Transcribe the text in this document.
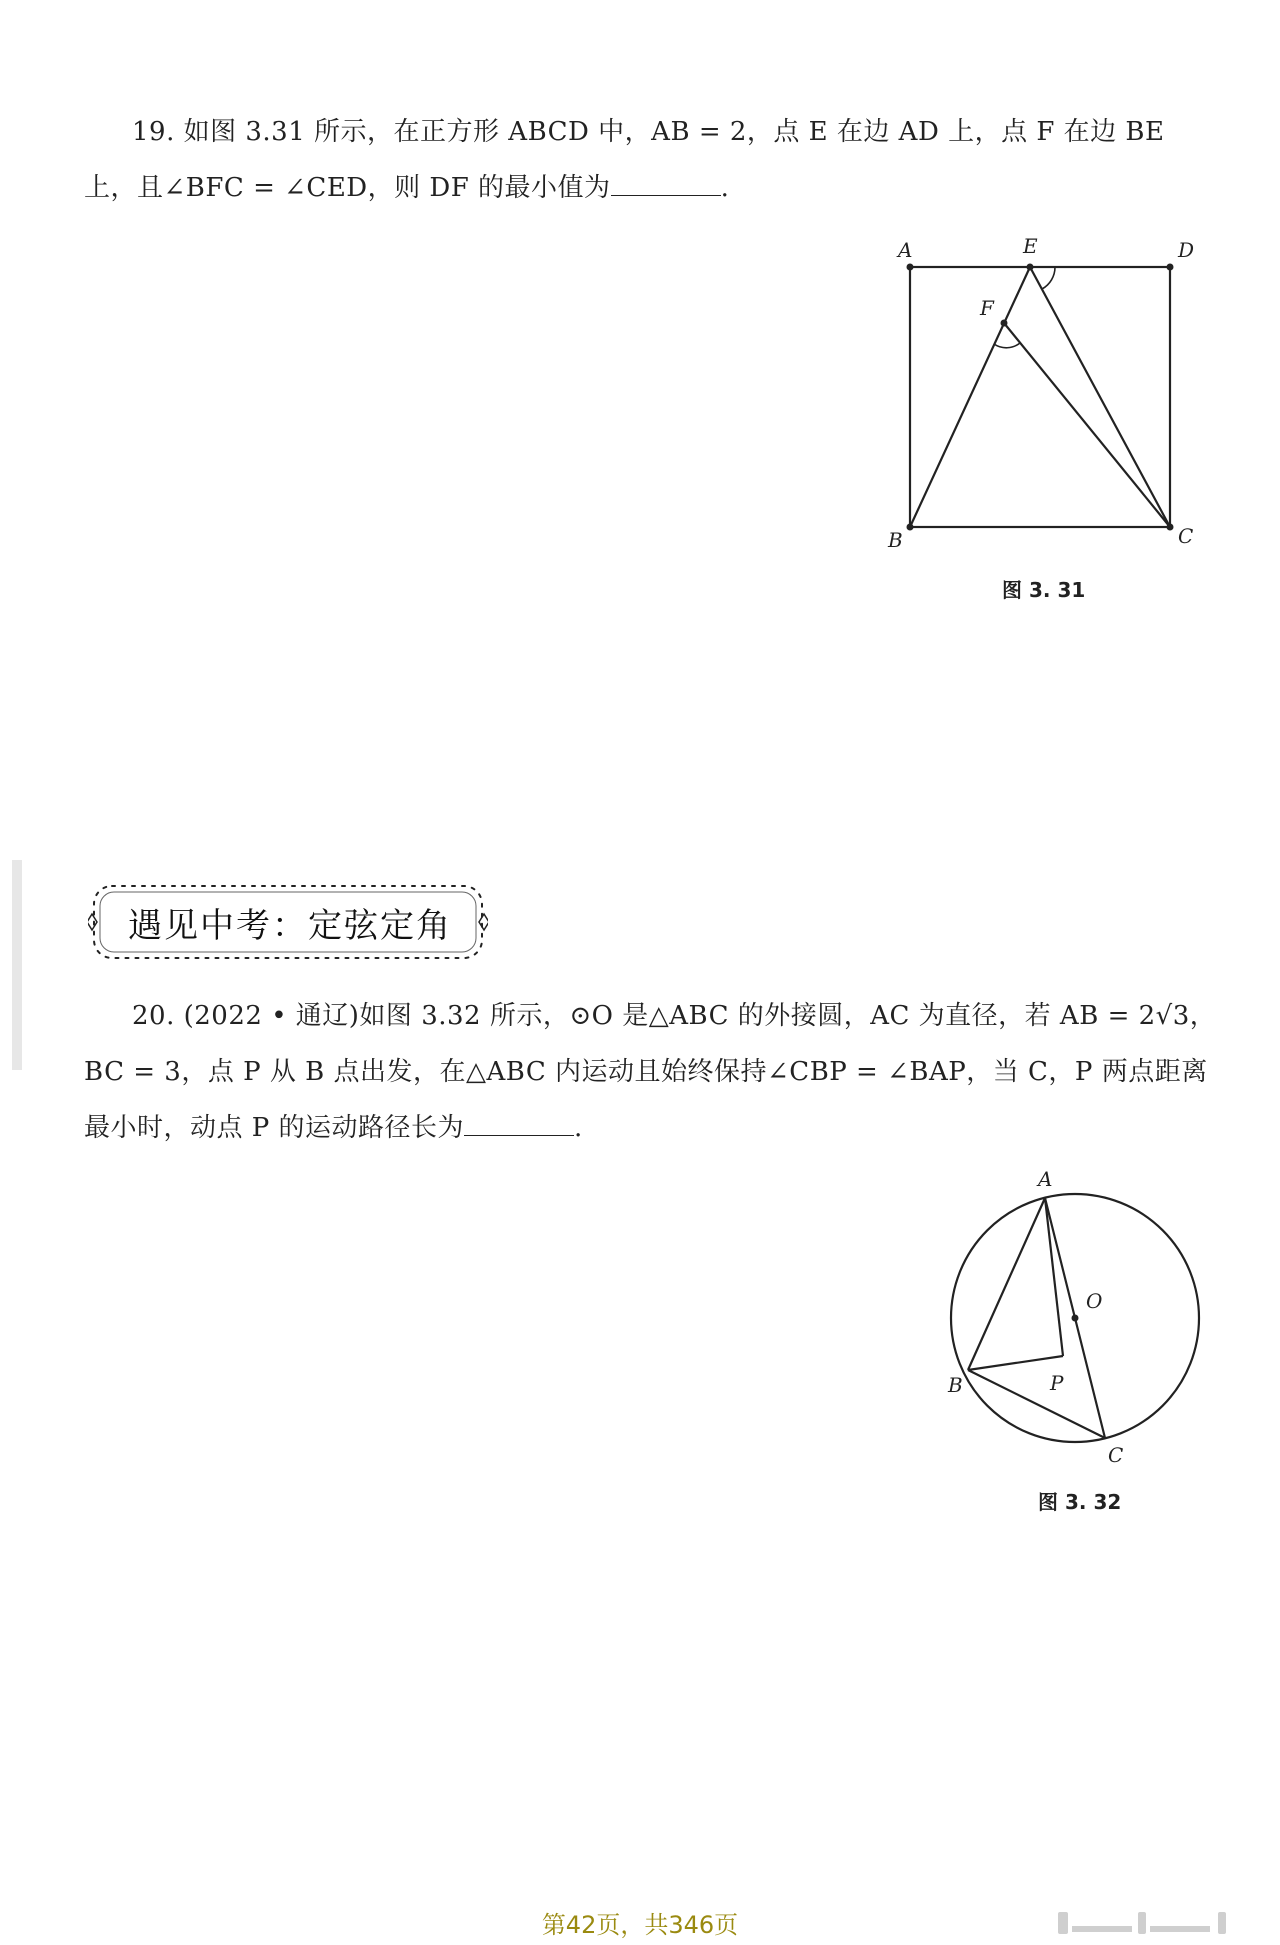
19. 如图 3.31 所示，在正方形 ABCD 中，AB = 2，点 E 在边 AD 上，点 F 在边 BE 上，且∠BFC = ∠CED，则 DF 的最小值为	.
A	E	D
F
B	C
图 3. 31
遇见中考：定弦定角
20. (2022 • 通辽)如图 3.32 所示，⊙O 是△ABC 的外接圆，AC 为直径，若 AB = 2√3，BC = 3，点 P 从 B 点出发，在△ABC 内运动且始终保持∠CBP = ∠BAP，当 C，P 两点距离最小时，动点 P 的运动路径长为	.
A
O
B	P
C
图 3. 32
第42页，共346页
